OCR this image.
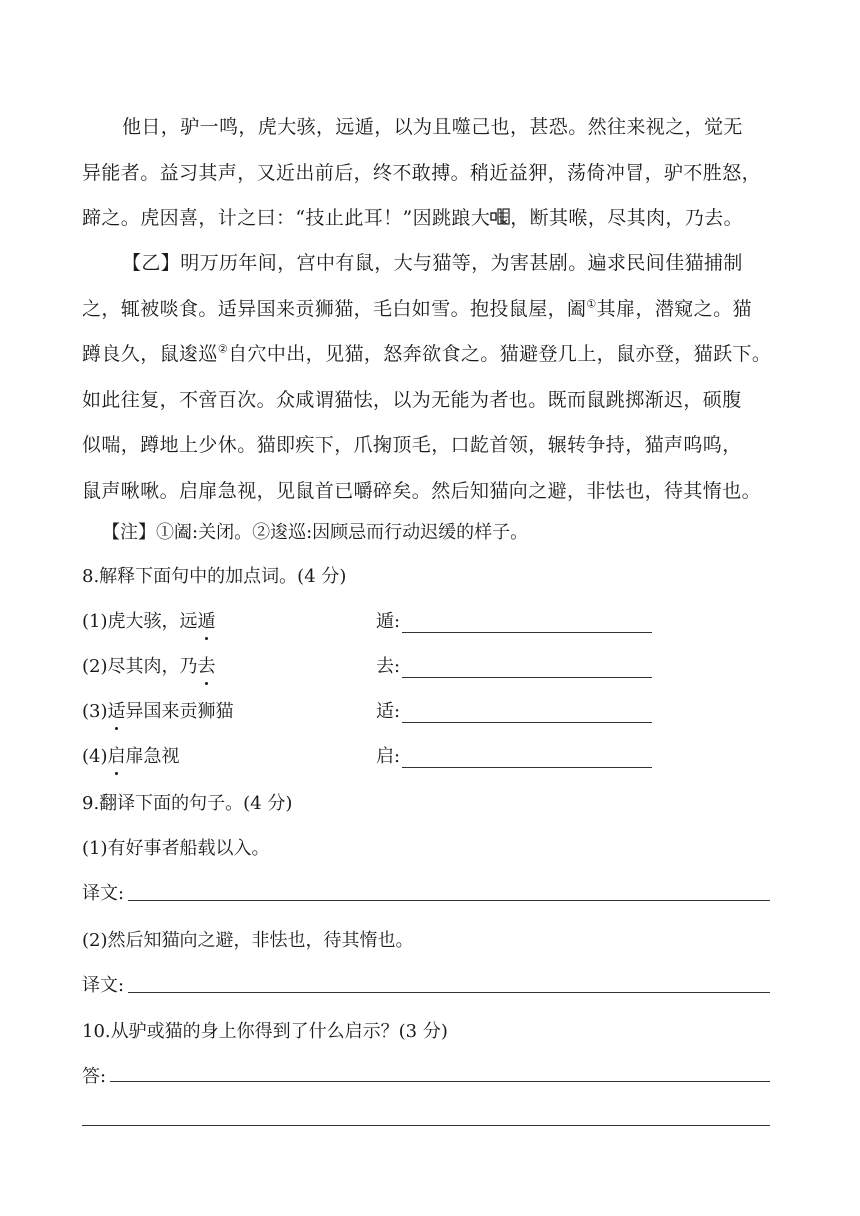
他日，驴一鸣，虎大骇，远遁，以为且噬己也，甚恐。然往来视之，觉无
异能者。益习其声，又近出前后，终不敢搏。稍近益狎，荡倚冲冒，驴不胜怒，
蹄之。虎因喜，计之曰：“技止此耳！”因跳踉大 ，断其喉，尽其肉，乃去。
【乙】明万历年间，宫中有鼠，大与猫等，为害甚剧。遍求民间佳猫捕制
之，辄被啖食。适异国来贡狮猫，毛白如雪。抱投鼠屋，阖①其扉，潜窥之。猫
蹲良久，鼠逡巡②自穴中出，见猫，怒奔欲食之。猫避登几上，鼠亦登，猫跃下。
如此往复，不啻百次。众咸谓猫怯，以为无能为者也。既而鼠跳掷渐迟，硕腹
似喘，蹲地上少休。猫即疾下，爪掬顶毛，口龁首领，辗转争持，猫声呜呜，
鼠声啾啾。启扉急视，见鼠首已嚼碎矣。然后知猫向之避，非怯也，待其惰也。
【注】①阖:关闭。②逡巡:因顾忌而行动迟缓的样子。
8.解释下面句中的加点词。(4 分)
(1)虎大骇，远遁	遁:
(2)尽其肉，乃去	去:
(3)适异国来贡狮猫	适:
(4)启扉急视	启:
9.翻译下面的句子。(4 分)
(1)有好事者船载以入。
译文:
(2)然后知猫向之避，非怯也，待其惰也。
译文:
10.从驴或猫的身上你得到了什么启示？(3 分)
答:
